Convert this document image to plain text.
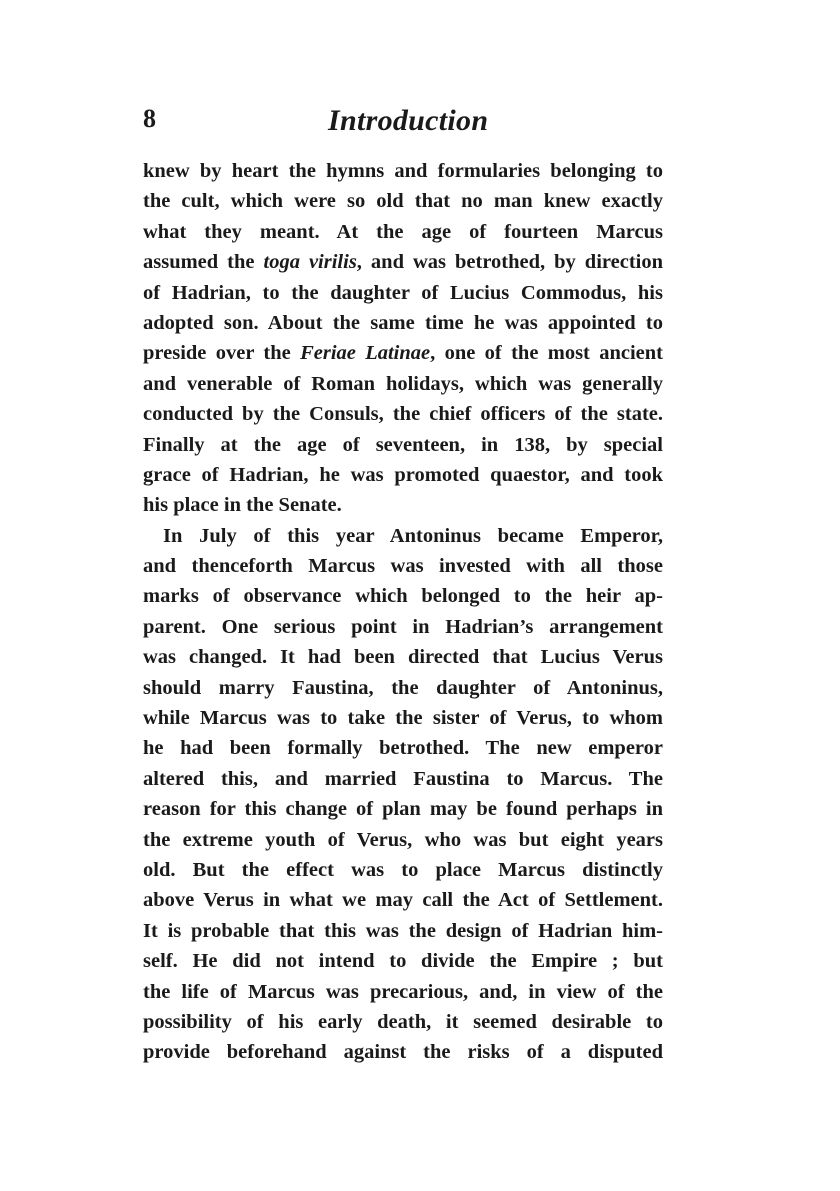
8	Introduction
knew by heart the hymns and formularies belonging to
the cult, which were so old that no man knew exactly
what they meant. At the age of fourteen Marcus
assumed the toga virilis, and was betrothed, by direction
of Hadrian, to the daughter of Lucius Commodus, his
adopted son. About the same time he was appointed to
preside over the Feriae Latinae, one of the most ancient
and venerable of Roman holidays, which was generally
conducted by the Consuls, the chief officers of the state.
Finally at the age of seventeen, in 138, by special
grace of Hadrian, he was promoted quaestor, and took
his place in the Senate.
In July of this year Antoninus became Emperor,
and thenceforth Marcus was invested with all those
marks of observance which belonged to the heir ap-
parent. One serious point in Hadrian’s arrangement
was changed. It had been directed that Lucius Verus
should marry Faustina, the daughter of Antoninus,
while Marcus was to take the sister of Verus, to whom
he had been formally betrothed. The new emperor
altered this, and married Faustina to Marcus. The
reason for this change of plan may be found perhaps in
the extreme youth of Verus, who was but eight years
old. But the effect was to place Marcus distinctly
above Verus in what we may call the Act of Settlement.
It is probable that this was the design of Hadrian him-
self. He did not intend to divide the Empire ; but
the life of Marcus was precarious, and, in view of the
possibility of his early death, it seemed desirable to
provide beforehand against the risks of a disputed
